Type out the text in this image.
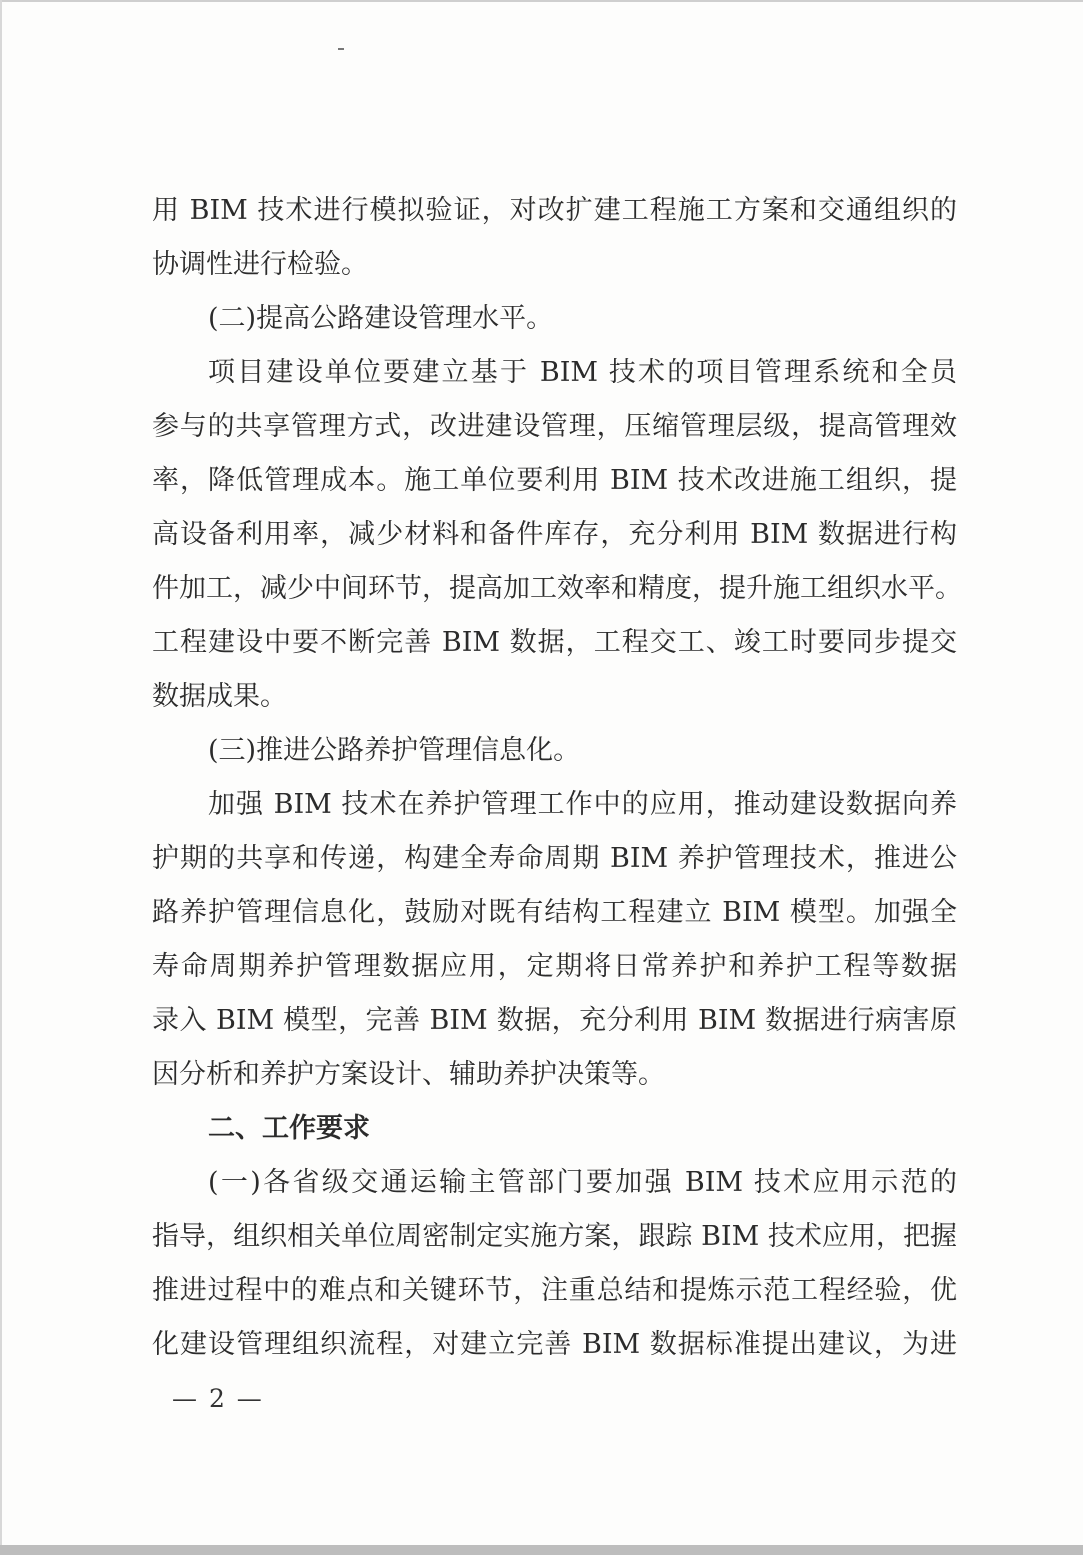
用 BIM 技术进行模拟验证，对改扩建工程施工方案和交通组织的
协调性进行检验。
(二)提高公路建设管理水平。
项目建设单位要建立基于 BIM 技术的项目管理系统和全员
参与的共享管理方式，改进建设管理，压缩管理层级，提高管理效
率，降低管理成本。施工单位要利用 BIM 技术改进施工组织，提
高设备利用率，减少材料和备件库存，充分利用 BIM 数据进行构
件加工，减少中间环节，提高加工效率和精度，提升施工组织水平。
工程建设中要不断完善 BIM 数据，工程交工、竣工时要同步提交
数据成果。
(三)推进公路养护管理信息化。
加强 BIM 技术在养护管理工作中的应用，推动建设数据向养
护期的共享和传递，构建全寿命周期 BIM 养护管理技术，推进公
路养护管理信息化，鼓励对既有结构工程建立 BIM 模型。加强全
寿命周期养护管理数据应用，定期将日常养护和养护工程等数据
录入 BIM 模型，完善 BIM 数据，充分利用 BIM 数据进行病害原
因分析和养护方案设计、辅助养护决策等。
二、工作要求
(一)各省级交通运输主管部门要加强 BIM 技术应用示范的
指导，组织相关单位周密制定实施方案，跟踪 BIM 技术应用，把握
推进过程中的难点和关键环节，注重总结和提炼示范工程经验，优
化建设管理组织流程，对建立完善 BIM 数据标准提出建议，为进
— 2 —
